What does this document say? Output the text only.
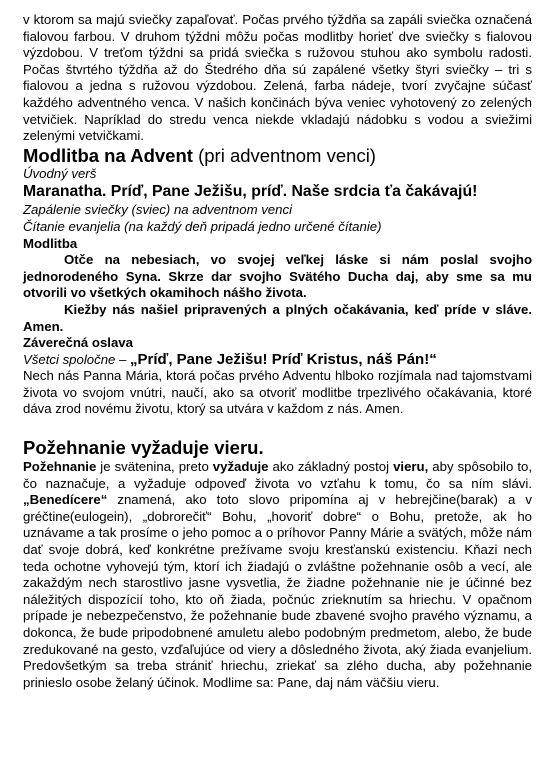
v ktorom sa majú sviečky zapaľovať. Počas prvého týždňa sa zapáli sviečka označená fialovou farbou. V druhom týždni môžu počas modlitby horieť dve sviečky s fialovou výzdobou. V treťom týždni sa pridá sviečka s ružovou stuhou ako symbolu radosti. Počas štvrtého týždňa až do Štedrého dňa sú zapálené všetky štyri sviečky – tri s fialovou a jedna s ružovou výzdobou. Zelená, farba nádeje, tvorí zvyčajne súčasť každého adventného venca. V našich končinách býva veniec vyhotovený zo zelených vetvičiek. Napríklad do stredu venca niekde vkladajú nádobku s vodou a sviežimi zelenými vetvičkami.

Modlitba na Advent (pri adventnom venci)

Úvodný verš

Maranatha. Príď, Pane Ježišu, príď. Naše srdcia ťa čakávajú!

Zapálenie sviečky (sviec) na adventnom venci

Čítanie evanjelia (na každý deň pripadá jedno určené čítanie)

Modlitba

Otče na nebesiach, vo svojej veľkej láske si nám poslal svojho jednorodeného Syna. Skrze dar svojho Svätého Ducha daj, aby sme sa mu otvorili vo všetkých okamihoch nášho života.

Kiežby nás našiel pripravených a plných očakávania, keď príde v sláve. Amen.

Záverečná oslava

Všetci spoločne – „Príď, Pane Ježišu! Príď Kristus, náš Pán!“

Nech nás Panna Mária, ktorá počas prvého Adventu hlboko rozjímala nad tajomstvami života vo svojom vnútri, naučí, ako sa otvoriť modlitbe trpezlivého očakávania, ktoré dáva zrod novému životu, ktorý sa utvára v každom z nás. Amen.

Požehnanie vyžaduje vieru.

Požehnanie je sväteninа, preto vyžaduje ako základný postoj vieru, aby spôsobilo to, čo naznačuje, a vyžaduje odpoveď života vo vzťahu k tomu, čo sa ním slávi. „Benedícere“ znamená, ako toto slovo pripomína aj v hebrejčine(barak) a v gréčtine(eulogein), „dobrorečiť“ Bohu, „hovoriť dobre“ o Bohu, pretože, ak ho uznávame a tak prosíme o jeho pomoc a o príhovor Panny Márie a svätých, môže nám dať svoje dobrá, keď konkrétne prežívame svoju kresťanskú existenciu. Kňazi nech teda ochotne vyhovejú tým, ktorí ich žiadajú o zvláštne požehnanie osôb a vecí, ale zakaždým nech starostlivo jasne vysvetlia, že žiadne požehnanie nie je účinné bez náležitých dispozícií toho, kto oň žiada, počnúc zrieknutím sa hriechu. V opačnom prípade je nebezpečenstvo, že požehnanie bude zbavené svojho pravého významu, a dokonca, že bude pripodobnené amuletu alebo podobným predmetom, alebo, že bude zredukované na gesto, vzďaľujúce od viery a dôsledného života, aký žiada evanjelium. Predovšetkým sa treba strániť hriechu, zriekať sa zlého ducha, aby požehnanie prinieslo osobe želaný účinok. Modlime sa: Pane, daj nám väčšiu vieru.
